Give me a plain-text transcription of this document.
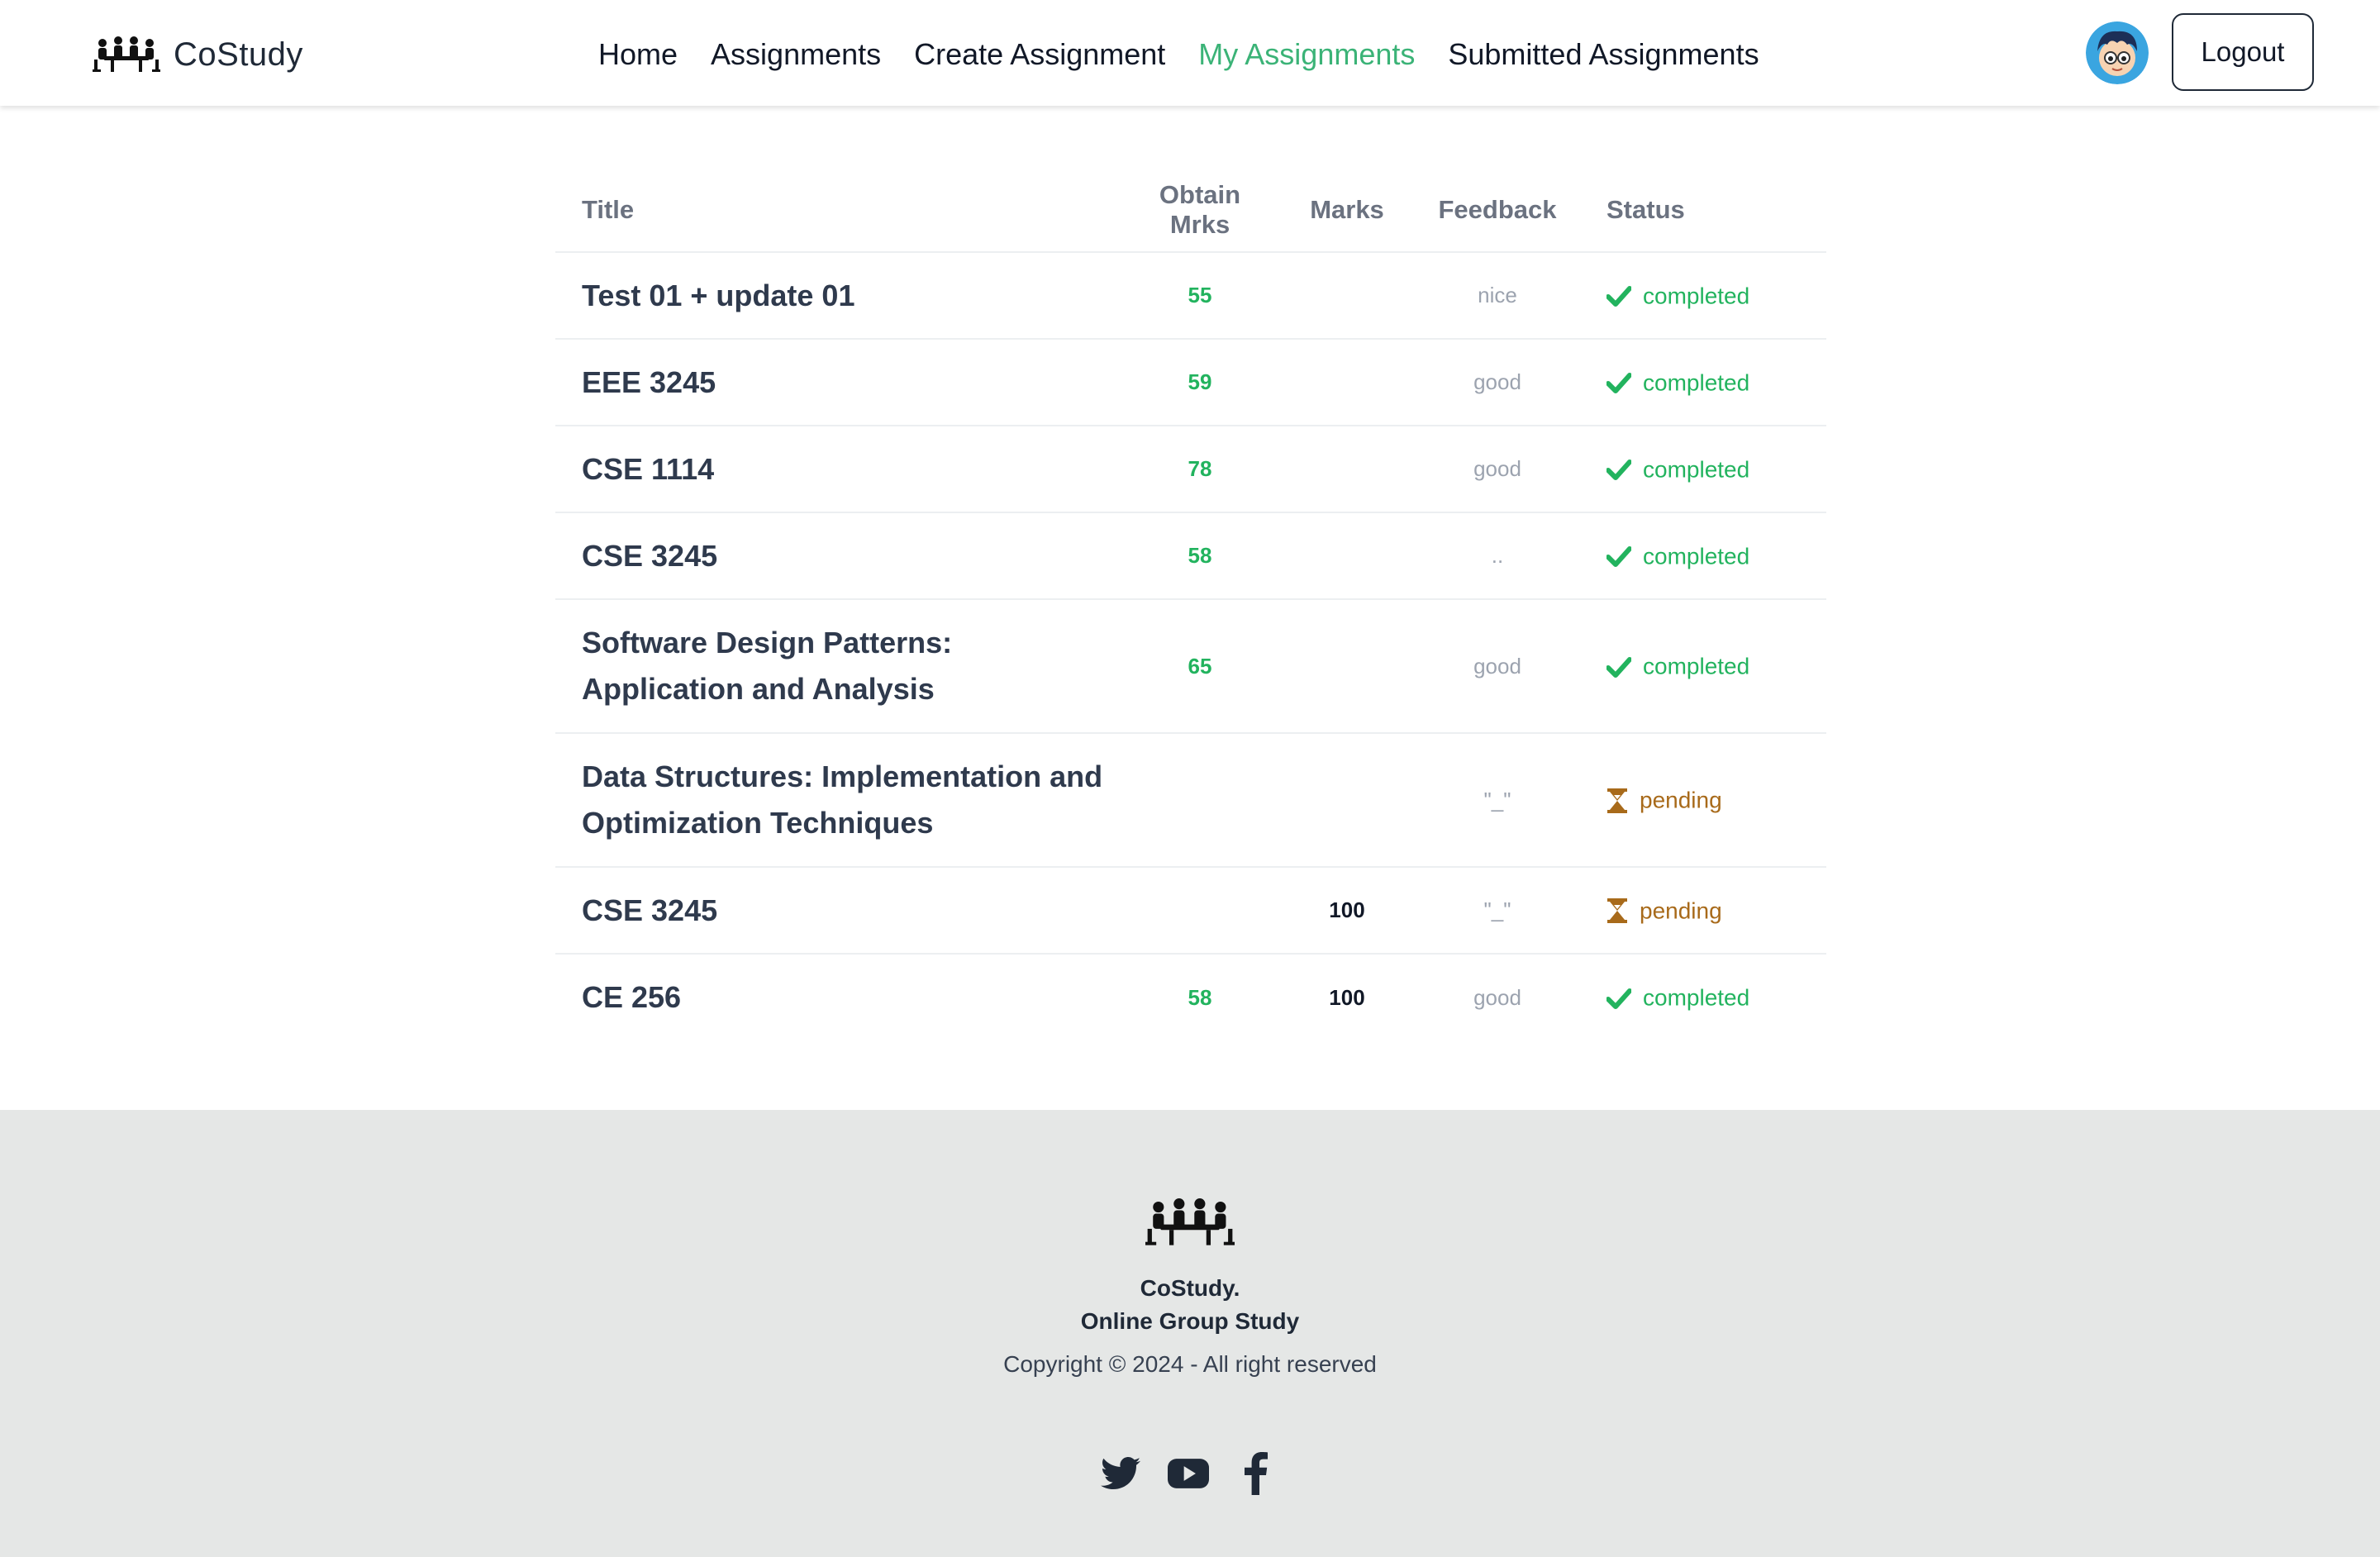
CoStudy	Home Assignments Create Assignment My Assignments Submitted Assignments	Logout
Title	Obtain Mrks	Marks	Feedback	Status
Test 01 + update 01	55		nice	completed
EEE 3245	59		good	completed
CSE 1114	78		good	completed
CSE 3245	58		..	completed
Software Design Patterns: Application and Analysis	65		good	completed
Data Structures: Implementation and Optimization Techniques			"_"	pending
CSE 3245		100	"_"	pending
CE 256	58	100	good	completed
CoStudy.
Online Group Study
Copyright © 2024 - All right reserved
